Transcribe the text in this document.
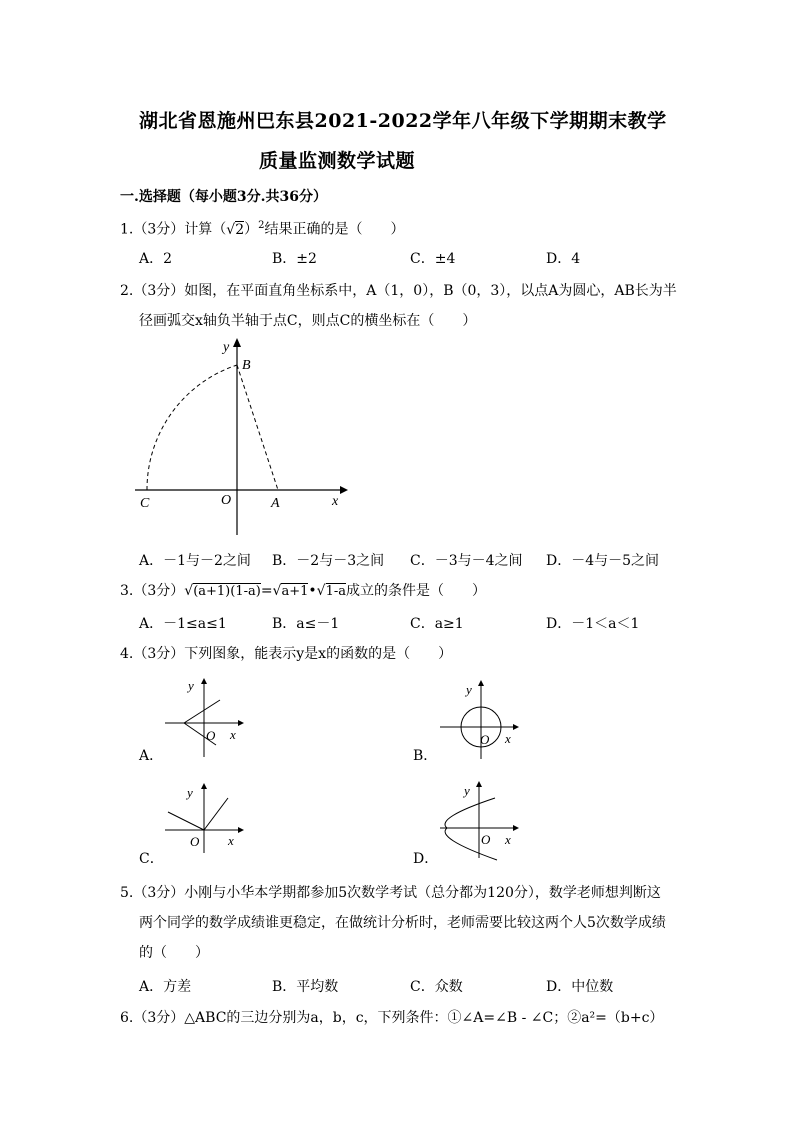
湖北省恩施州巴东县2021-2022学年八年级下学期期末教学
质量监测数学试题
一.选择题（每小题3分.共36分）
1.（3分）计算$(√2)^2$结果正确的是（　　）
A．2	B．±2	C．±4	D．4
2.（3分）如图，在平面直角坐标系中，A（1，0），B（0，3），以点A为圆心，AB长为半
径画弧交x轴负半轴于点C，则点C的横坐标在（　　）
y
B
C	O	A	x
A．－1与－2之间 B．－2与－3之间 C．－3与－4之间 D．－4与－5之间
3.（3分）√(a+1)(1-a)=√a+1•√1-a成立的条件是（　　）
A．－1≤a≤1	B．a≤－1	C．a≥1	D．－1＜a＜1
4.（3分）下列图象，能表示y是x的函数的是（　　）
y
O x
A．
y
O x
B．
y
O x
C．
y
O x
D．
5.（3分）小刚与小华本学期都参加5次数学考试（总分都为120分），数学老师想判断这
两个同学的数学成绩谁更稳定，在做统计分析时，老师需要比较这两个人5次数学成绩
的（　　）
A．方差	B．平均数	C．众数	D．中位数
6.（3分）△ABC的三边分别为a，b，c，下列条件：①∠A=∠B - ∠C；②a²=（b+c）
